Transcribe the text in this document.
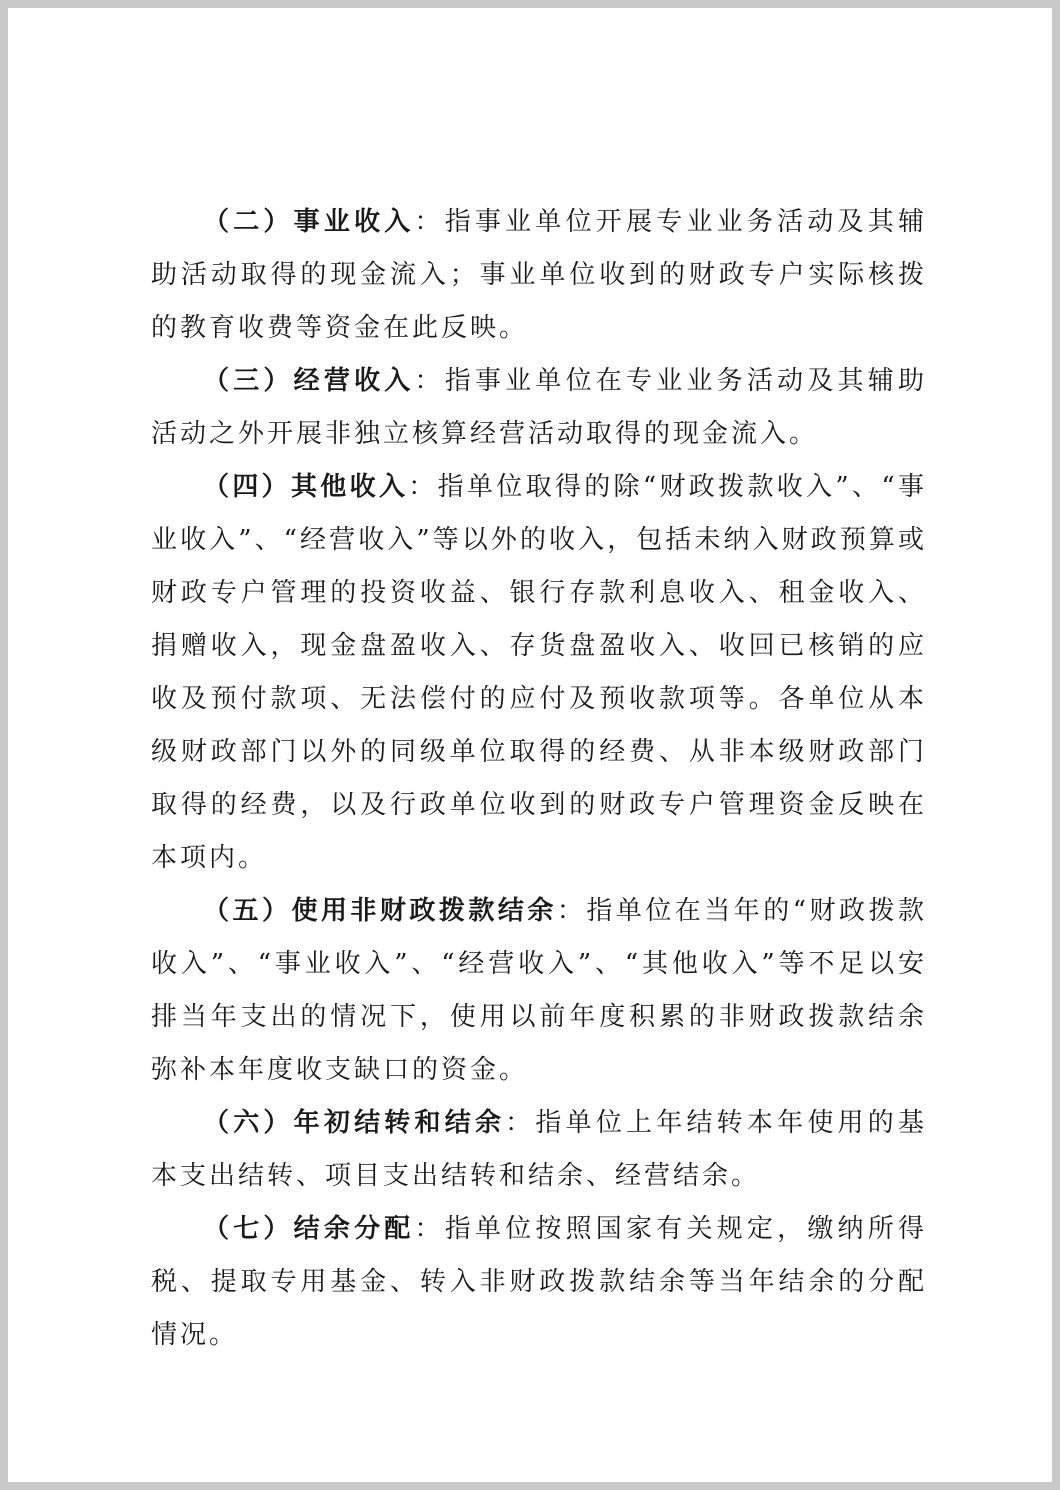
（二）事业收入：指事业单位开展专业业务活动及其辅助活动取得的现金流入；事业单位收到的财政专户实际核拨的教育收费等资金在此反映。

（三）经营收入：指事业单位在专业业务活动及其辅助活动之外开展非独立核算经营活动取得的现金流入。

（四）其他收入：指单位取得的除“财政拨款收入”、“事业收入”、“经营收入”等以外的收入，包括未纳入财政预算或财政专户管理的投资收益、银行存款利息收入、租金收入、捐赠收入，现金盘盈收入、存货盘盈收入、收回已核销的应收及预付款项、无法偿付的应付及预收款项等。各单位从本级财政部门以外的同级单位取得的经费、从非本级财政部门取得的经费，以及行政单位收到的财政专户管理资金反映在本项内。

（五）使用非财政拨款结余：指单位在当年的“财政拨款收入”、“事业收入”、“经营收入”、“其他收入”等不足以安排当年支出的情况下，使用以前年度积累的非财政拨款结余弥补本年度收支缺口的资金。

（六）年初结转和结余：指单位上年结转本年使用的基本支出结转、项目支出结转和结余、经营结余。

（七）结余分配：指单位按照国家有关规定，缴纳所得税、提取专用基金、转入非财政拨款结余等当年结余的分配情况。
